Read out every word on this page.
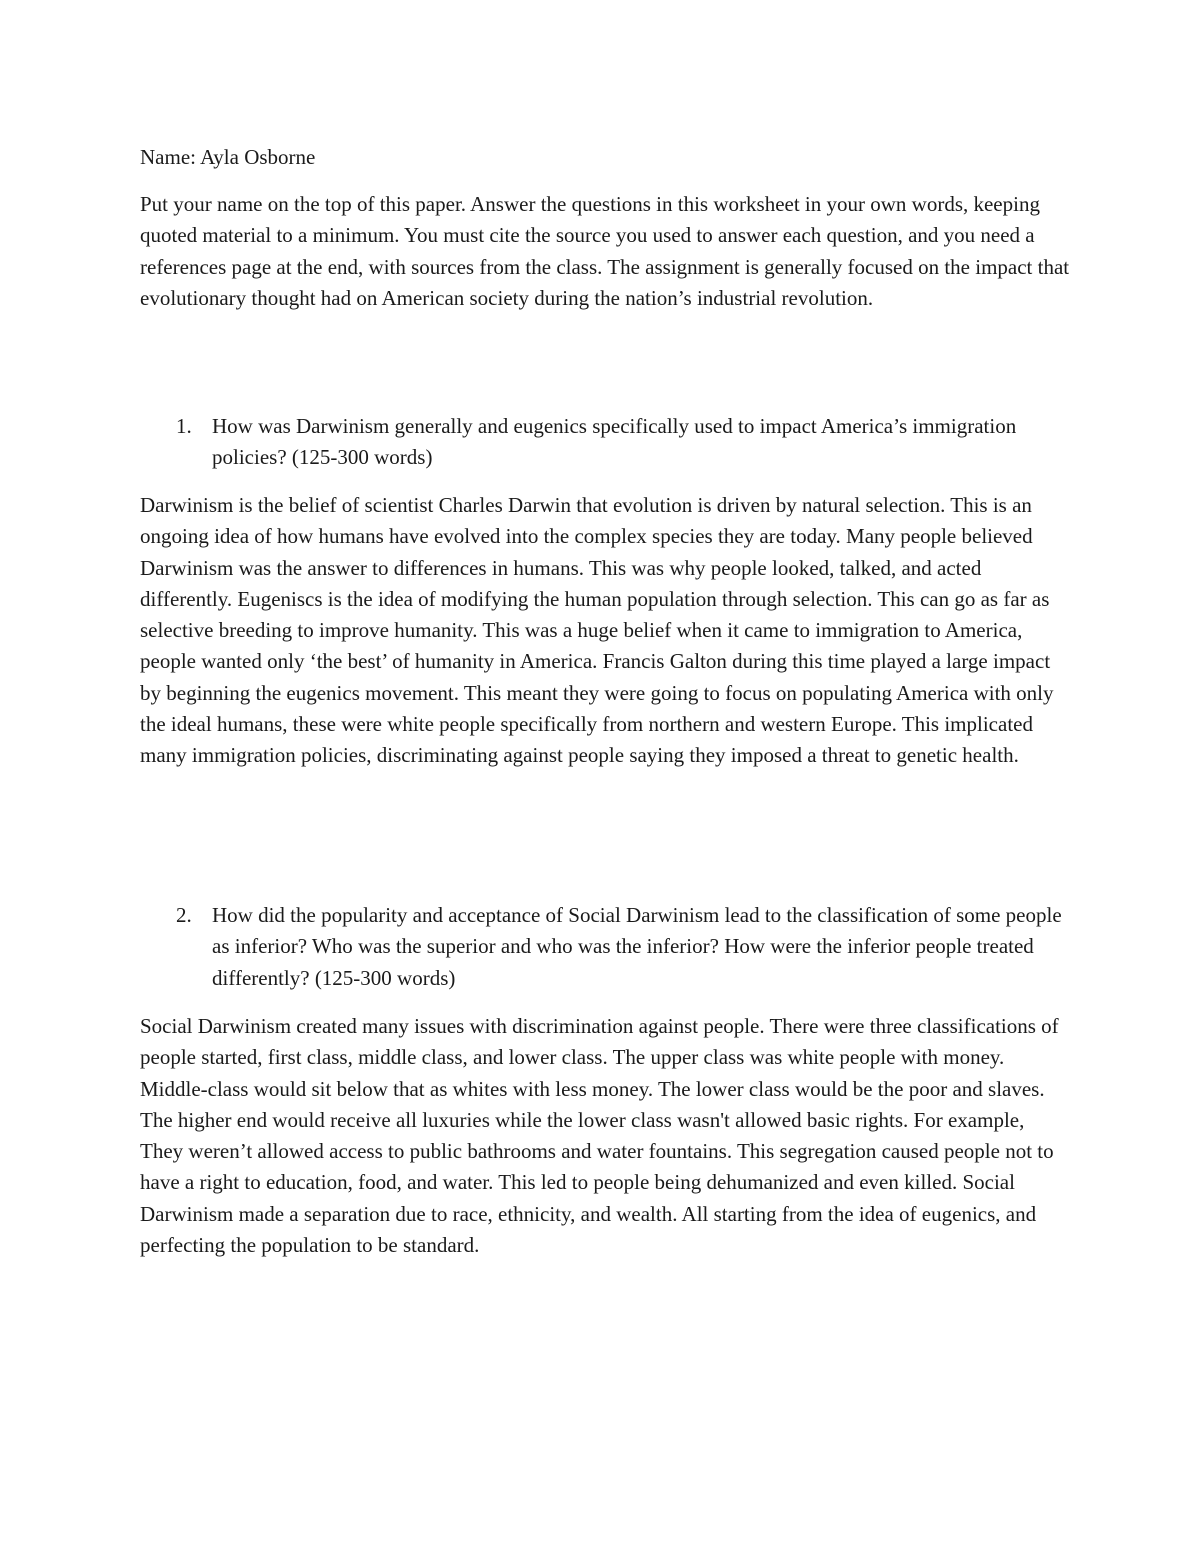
Name: Ayla Osborne

Put your name on the top of this paper. Answer the questions in this worksheet in your own words, keeping quoted material to a minimum. You must cite the source you used to answer each question, and you need a references page at the end, with sources from the class. The assignment is generally focused on the impact that evolutionary thought had on American society during the nation’s industrial revolution.

1. How was Darwinism generally and eugenics specifically used to impact America’s immigration policies? (125-300 words)

Darwinism is the belief of scientist Charles Darwin that evolution is driven by natural selection. This is an ongoing idea of how humans have evolved into the complex species they are today. Many people believed Darwinism was the answer to differences in humans. This was why people looked, talked, and acted differently. Eugeniscs is the idea of modifying the human population through selection. This can go as far as selective breeding to improve humanity. This was a huge belief when it came to immigration to America, people wanted only ‘the best’ of humanity in America. Francis Galton during this time played a large impact by beginning the eugenics movement. This meant they were going to focus on populating America with only the ideal humans, these were white people specifically from northern and western Europe. This implicated many immigration policies, discriminating against people saying they imposed a threat to genetic health.

2. How did the popularity and acceptance of Social Darwinism lead to the classification of some people as inferior? Who was the superior and who was the inferior? How were the inferior people treated differently? (125-300 words)

Social Darwinism created many issues with discrimination against people. There were three classifications of people started, first class, middle class, and lower class. The upper class was white people with money. Middle-class would sit below that as whites with less money. The lower class would be the poor and slaves. The higher end would receive all luxuries while the lower class wasn't allowed basic rights. For example, They weren’t allowed access to public bathrooms and water fountains. This segregation caused people not to have a right to education, food, and water. This led to people being dehumanized and even killed. Social Darwinism made a separation due to race, ethnicity, and wealth. All starting from the idea of eugenics, and perfecting the population to be standard.
